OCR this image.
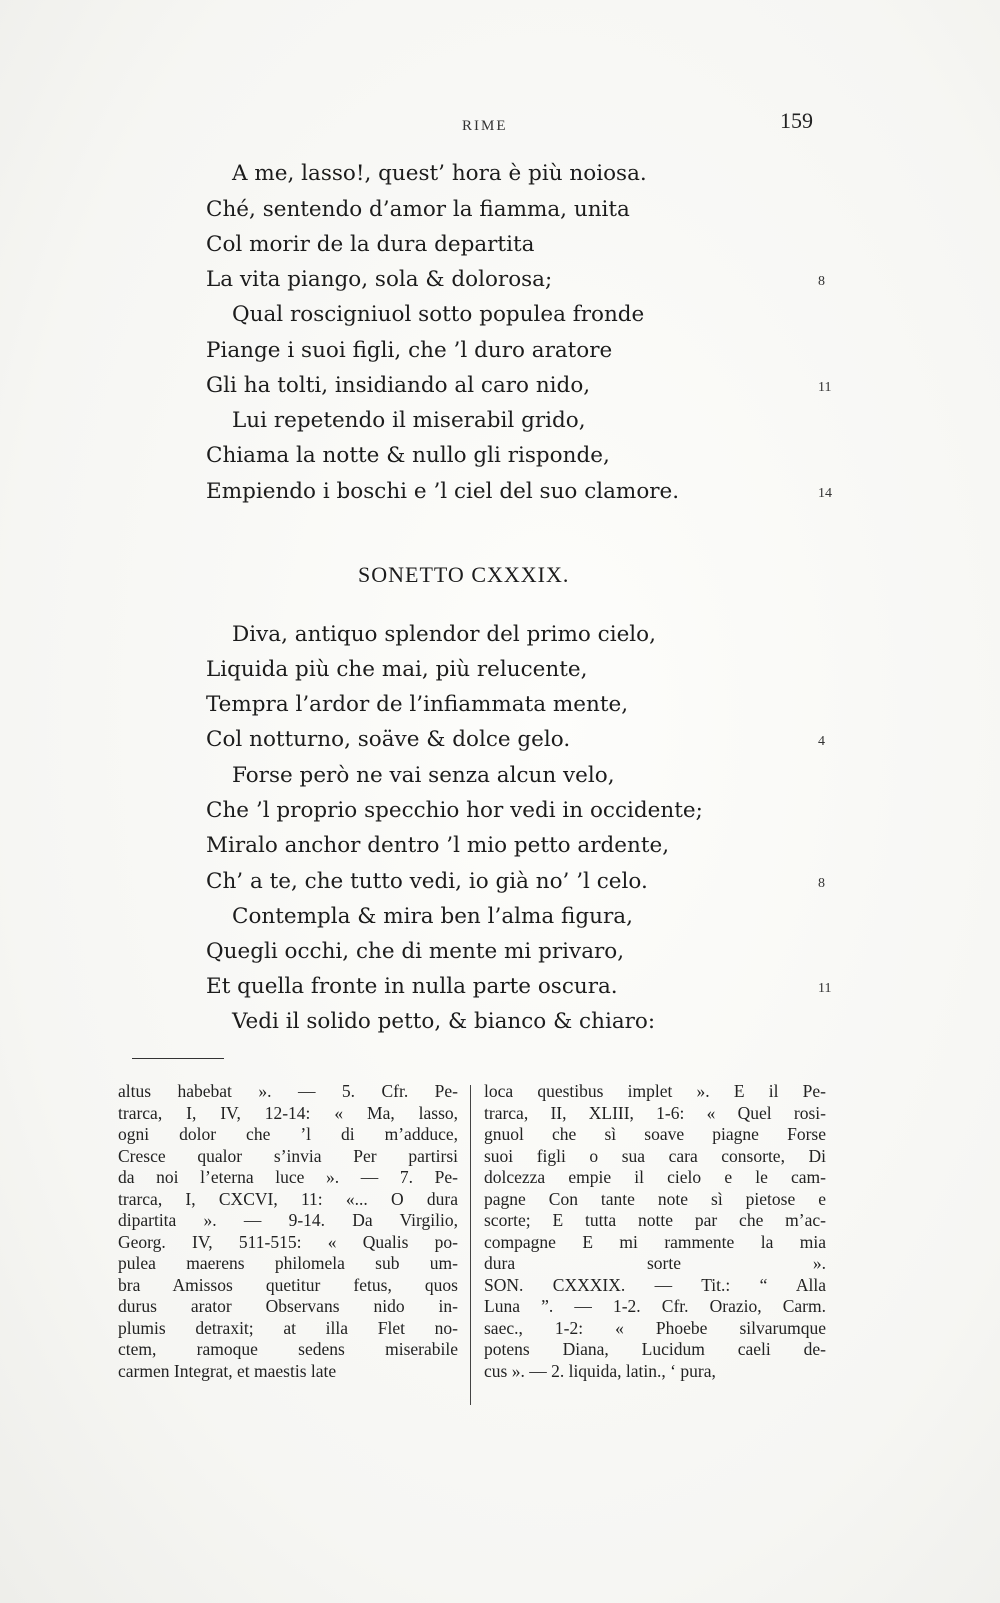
RIME	159
A me, lasso!, quest’ hora è più noiosa.
Ché, sentendo d’amor la fiamma, unita
Col morir de la dura departita
La vita piango, sola & dolorosa;	8
Qual roscigniuol sotto populea fronde
Piange i suoi figli, che ’l duro aratore
Gli ha tolti, insidiando al caro nido,	11
Lui repetendo il miserabil grido,
Chiama la notte & nullo gli risponde,
Empiendo i boschi e ’l ciel del suo clamore.	14
SONETTO CXXXIX.
Diva, antiquo splendor del primo cielo,
Liquida più che mai, più relucente,
Tempra l’ardor de l’infiammata mente,
Col notturno, soäve & dolce gelo.	4
Forse però ne vai senza alcun velo,
Che ’l proprio specchio hor vedi in occidente;
Miralo anchor dentro ’l mio petto ardente,
Ch’ a te, che tutto vedi, io già no’ ’l celo.	8
Contempla & mira ben l’alma figura,
Quegli occhi, che di mente mi privaro,
Et quella fronte in nulla parte oscura.	11
Vedi il solido petto, & bianco & chiaro:
altus habebat ». — 5. Cfr. Pe-
trarca, I, IV, 12-14: « Ma, lasso,
ogni dolor che ’l di m’adduce,
Cresce qualor s’invia Per partirsi
da noi l’eterna luce ». — 7. Pe-
trarca, I, CXCVI, 11: «... O dura
dipartita ». — 9-14. Da Virgilio,
Georg. IV, 511-515: « Qualis po-
pulea maerens philomela sub um-
bra Amissos quetitur fetus, quos
durus arator Observans nido in-
plumis detraxit; at illa Flet no-
ctem, ramoque sedens miserabile
carmen Integrat, et maestis late
loca questibus implet ». E il Pe-
trarca, II, XLIII, 1-6: « Quel rosi-
gnuol che sì soave piagne Forse
suoi figli o sua cara consorte, Di
dolcezza empie il cielo e le cam-
pagne Con tante note sì pietose e
scorte; E tutta notte par che m’ac-
compagne E mi rammente la mia
dura sorte ».
SON. CXXXIX. — Tit.: “ Alla
Luna ”. — 1-2. Cfr. Orazio, Carm.
saec., 1-2: « Phoebe silvarumque
potens Diana, Lucidum caeli de-
cus ». — 2. liquida, latin., ‘ pura,
